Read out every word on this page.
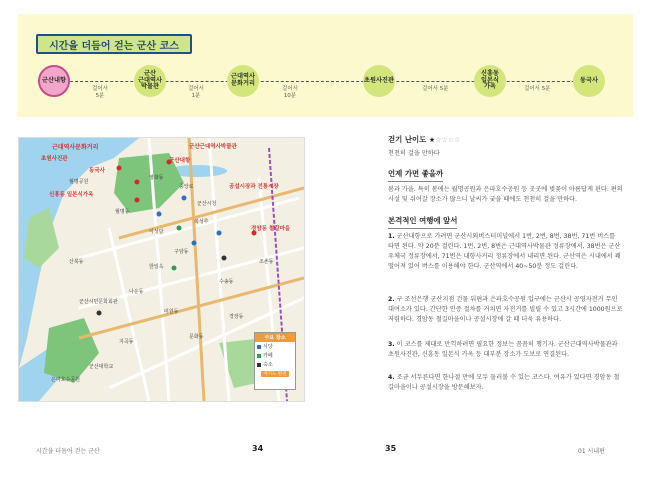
시간을 더듬어 걷는 군산 코스
군산내항
군산
근대역사
박물관
근대역사
문화거리	초원사진관
신흥동
일본식
가옥
동국사
걸어서
5분
걸어서
1분
걸어서
10분
걸어서 5분	걸어서 5분
근대역사문화거리
초원사진관
군산근대역사박물관
동국사
신흥동 일본식가옥
군산내항
월명공원
경암동 철길마을
은파호수공원
공설시장과 전통시장
월명동
영화동
중앙로
군산시청
나운동
수송동
조촌동
미원동
구암동
산북동
문화동
경장동
지곡동
군산시민문화회관
군산대학교
이성당
복성루
한일옥
주요 장소
식당
카페
숙소
여기도 한번
걷기 난이도 ★☆☆☆☆

천천히 걸을 만하다

언제 가면 좋을까

봄과 가을. 특히 봄에는 월명공원과 은파호수공원 등 곳곳에 벚꽃이 아름답게 핀다. 편의시설 및 쉬어갈 장소가 많으니 날씨가 궂을 때에도 천천히 걸을 만하다.

본격적인 여행에 앞서

1. 군산내항으로 가려면 군산시외버스터미널에서 1번, 2번, 8번, 38번, 71번 버스를 타면 된다. 약 20분 걸린다. 1번, 2번, 8번은 근대역사박물관 정류장에서, 38번은 군산우체국 정류장에서, 71번은 내항사거리 정류장에서 내리면 된다. 군산역은 시내에서 꽤 떨어져 있어 버스를 이용해야 한다. 군산역에서 40~50분 정도 걸린다.

2. 구 조선은행 군산지점 건물 뒤편과 은파호수공원 입구에는 군산시 공영자전거 무인대여소가 있다. 간단한 인증 절차를 거치면 자전거를 빌릴 수 있고 3시간에 1000원으로 저렴하다. 경암동 철길마을이나 공설시장에 갈 때 더욱 유용하다.

3. 이 코스를 제대로 만끽하려면 필요한 정보는 꼼꼼히 챙기자. 군산근대역사박물관과 초원사진관, 신흥동 일본식 가옥 등 대부분 장소가 도보로 연결된다.

4. 조금 서두른다면 한나절 만에 모두 둘러볼 수 있는 코스다. 여유가 있다면 경암동 철길마을이나 공설시장을 방문해보자.

시간을 더듬어 걷는 군산	34	35	01 시내편
